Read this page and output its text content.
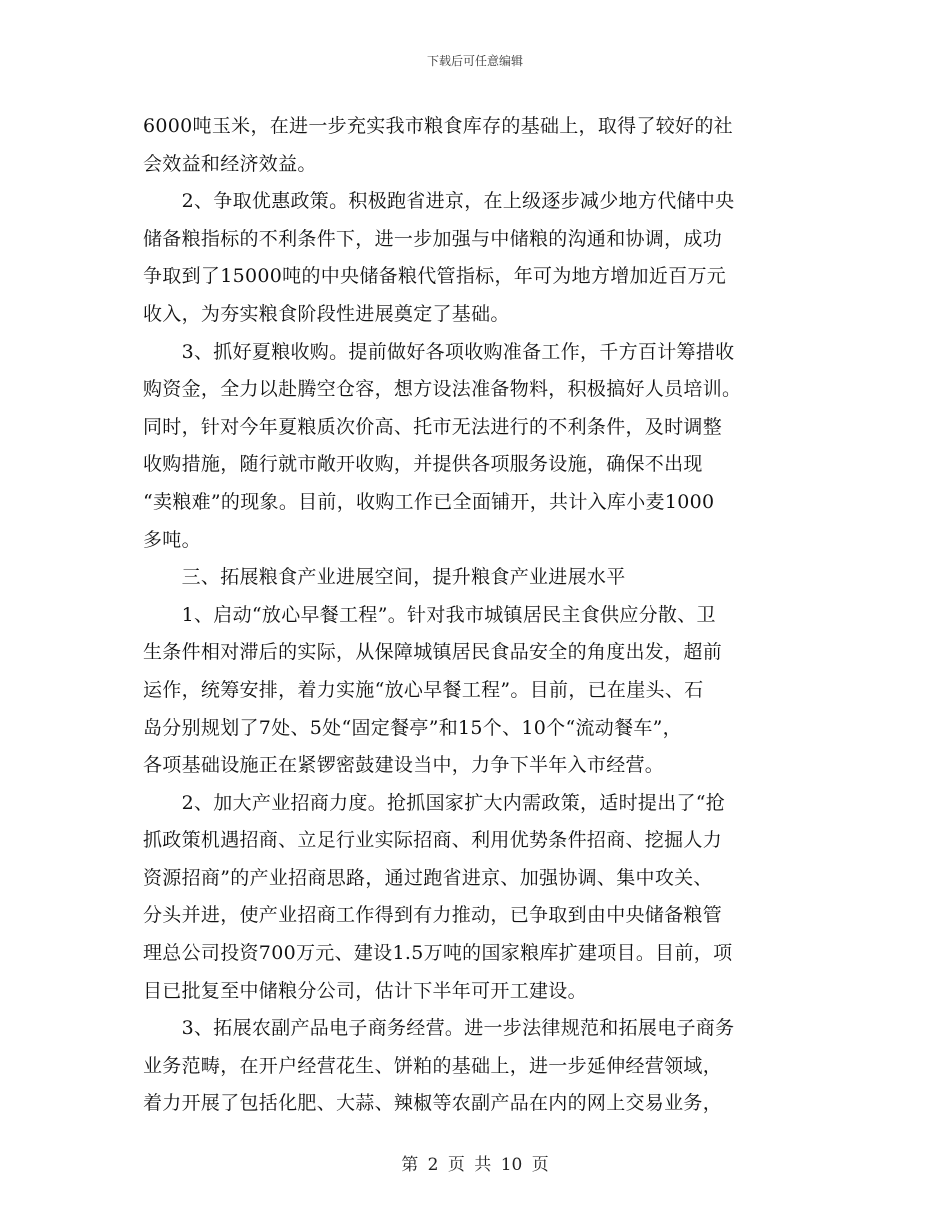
下载后可任意编辑

6000吨玉米，在进一步充实我市粮食库存的基础上，取得了较好的社
会效益和经济效益。

　　2、争取优惠政策。积极跑省进京，在上级逐步减少地方代储中央
储备粮指标的不利条件下，进一步加强与中储粮的沟通和协调，成功
争取到了15000吨的中央储备粮代管指标，年可为地方增加近百万元
收入，为夯实粮食阶段性进展奠定了基础。

　　3、抓好夏粮收购。提前做好各项收购准备工作，千方百计筹措收
购资金，全力以赴腾空仓容，想方设法准备物料，积极搞好人员培训。
同时，针对今年夏粮质次价高、托市无法进行的不利条件，及时调整
收购措施，随行就市敞开收购，并提供各项服务设施，确保不出现
“卖粮难”的现象。目前，收购工作已全面铺开，共计入库小麦1000
多吨。

　　三、拓展粮食产业进展空间，提升粮食产业进展水平

　　1、启动“放心早餐工程”。针对我市城镇居民主食供应分散、卫
生条件相对滞后的实际，从保障城镇居民食品安全的角度出发，超前
运作，统筹安排，着力实施“放心早餐工程”。目前，已在崖头、石
岛分别规划了7处、5处“固定餐亭”和15个、10个“流动餐车”，
各项基础设施正在紧锣密鼓建设当中，力争下半年入市经营。

　　2、加大产业招商力度。抢抓国家扩大内需政策，适时提出了“抢
抓政策机遇招商、立足行业实际招商、利用优势条件招商、挖掘人力
资源招商”的产业招商思路，通过跑省进京、加强协调、集中攻关、
分头并进，使产业招商工作得到有力推动，已争取到由中央储备粮管
理总公司投资700万元、建设1.5万吨的国家粮库扩建项目。目前，项
目已批复至中储粮分公司，估计下半年可开工建设。

　　3、拓展农副产品电子商务经营。进一步法律规范和拓展电子商务
业务范畴，在开户经营花生、饼粕的基础上，进一步延伸经营领域，
着力开展了包括化肥、大蒜、辣椒等农副产品在内的网上交易业务，

第 2 页 共 10 页
